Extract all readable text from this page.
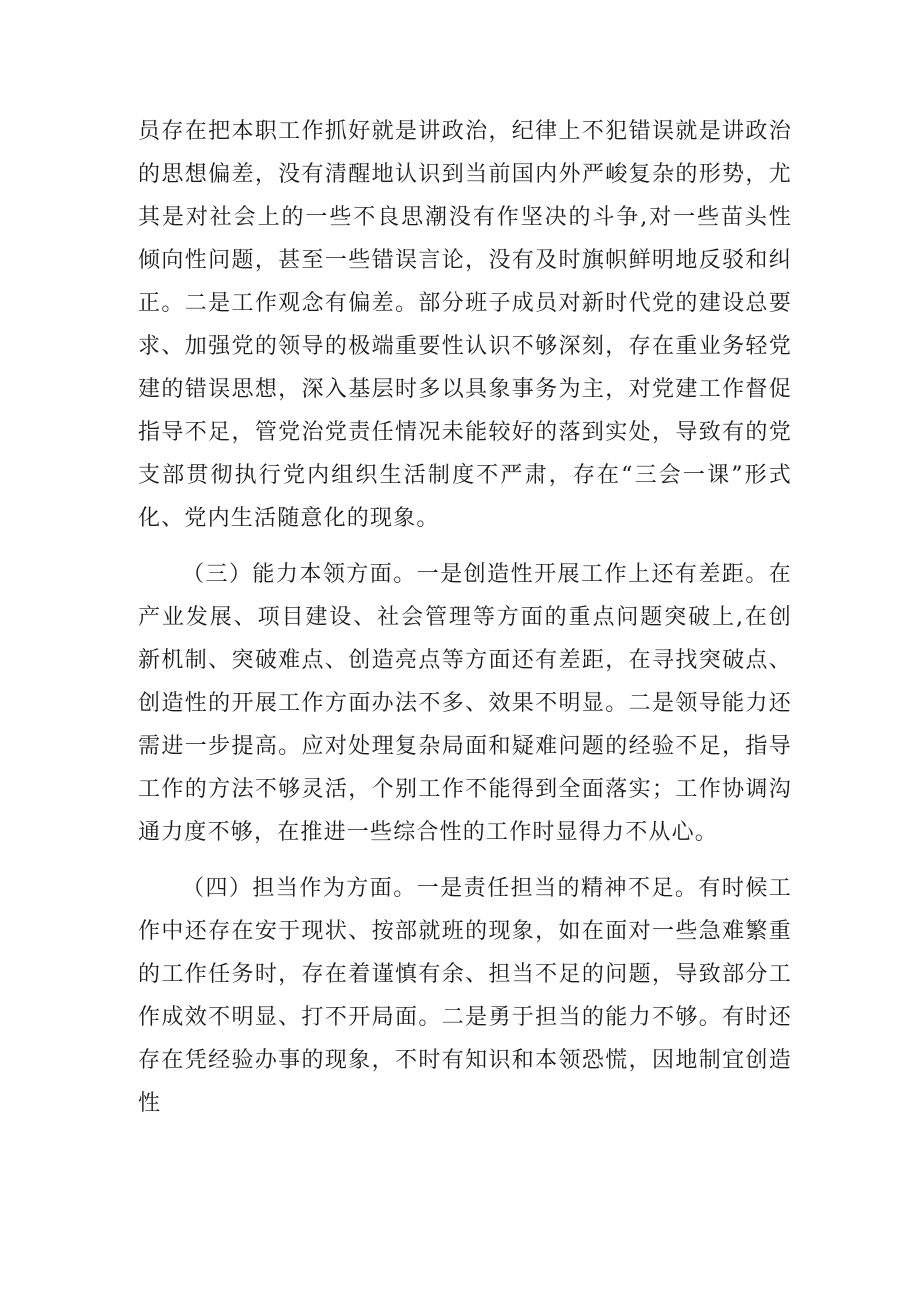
员存在把本职工作抓好就是讲政治，纪律上不犯错误就是讲政治的思想偏差，没有清醒地认识到当前国内外严峻复杂的形势，尤其是对社会上的一些不良思潮没有作坚决的斗争,对一些苗头性倾向性问题，甚至一些错误言论，没有及时旗帜鲜明地反驳和纠正。二是工作观念有偏差。部分班子成员对新时代党的建设总要求、加强党的领导的极端重要性认识不够深刻，存在重业务轻党建的错误思想，深入基层时多以具象事务为主，对党建工作督促指导不足，管党治党责任情况未能较好的落到实处，导致有的党支部贯彻执行党内组织生活制度不严肃，存在“三会一课”形式化、党内生活随意化的现象。

（三）能力本领方面。一是创造性开展工作上还有差距。在产业发展、项目建设、社会管理等方面的重点问题突破上,在创新机制、突破难点、创造亮点等方面还有差距，在寻找突破点、创造性的开展工作方面办法不多、效果不明显。二是领导能力还需进一步提高。应对处理复杂局面和疑难问题的经验不足，指导工作的方法不够灵活，个别工作不能得到全面落实；工作协调沟通力度不够，在推进一些综合性的工作时显得力不从心。

（四）担当作为方面。一是责任担当的精神不足。有时候工作中还存在安于现状、按部就班的现象，如在面对一些急难繁重的工作任务时，存在着谨慎有余、担当不足的问题，导致部分工作成效不明显、打不开局面。二是勇于担当的能力不够。有时还存在凭经验办事的现象，不时有知识和本领恐慌，因地制宜创造性
